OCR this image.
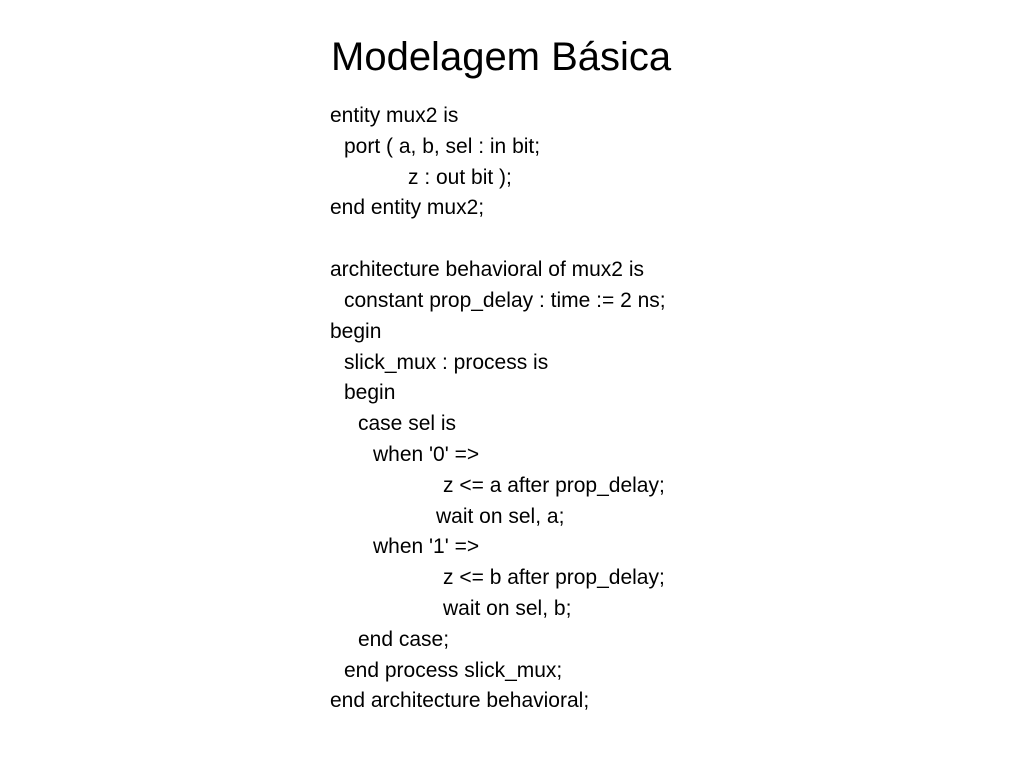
Modelagem Básica
entity mux2 is
port ( a, b, sel : in bit;
z : out bit );
end entity mux2;
architecture behavioral of mux2 is
constant prop_delay : time := 2 ns;
begin
slick_mux : process is
begin
case sel is
when '0' =>
z <= a after prop_delay;
wait on sel, a;
when '1' =>
z <= b after prop_delay;
wait on sel, b;
end case;
end process slick_mux;
end architecture behavioral;
